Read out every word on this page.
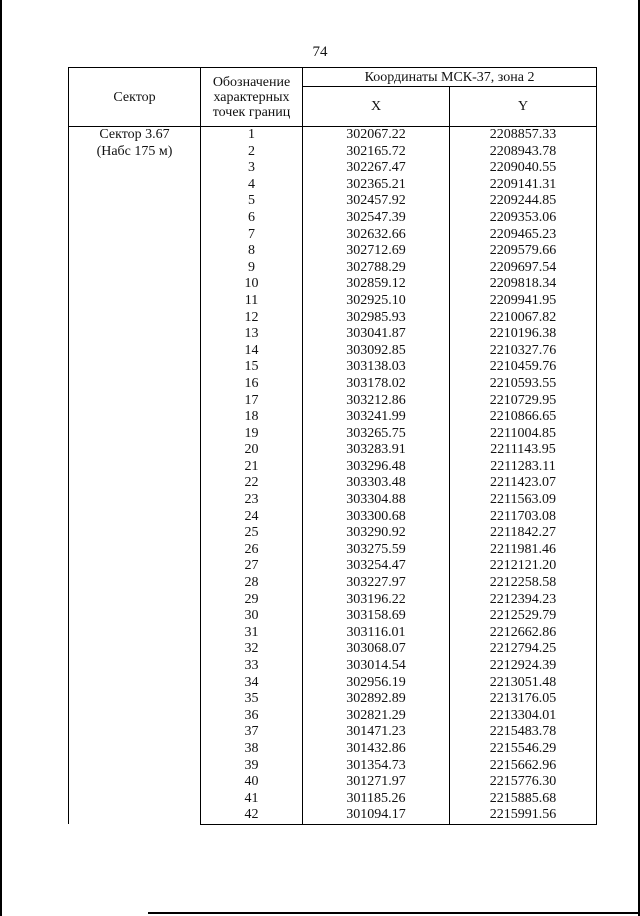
74
Сектор	Обозначение характерных точек границ	Координаты МСК-37, зона 2	
		X	Y

Сектор 3.67
(Набс 175 м)	1	302067.22	2208857.33
	2	302165.72	2208943.78
	3	302267.47	2209040.55
	4	302365.21	2209141.31
	5	302457.92	2209244.85
	6	302547.39	2209353.06
	7	302632.66	2209465.23
	8	302712.69	2209579.66
	9	302788.29	2209697.54
	10	302859.12	2209818.34
	11	302925.10	2209941.95
	12	302985.93	2210067.82
	13	303041.87	2210196.38
	14	303092.85	2210327.76
	15	303138.03	2210459.76
	16	303178.02	2210593.55
	17	303212.86	2210729.95
	18	303241.99	2210866.65
	19	303265.75	2211004.85
	20	303283.91	2211143.95
	21	303296.48	2211283.11
	22	303303.48	2211423.07
	23	303304.88	2211563.09
	24	303300.68	2211703.08
	25	303290.92	2211842.27
	26	303275.59	2211981.46
	27	303254.47	2212121.20
	28	303227.97	2212258.58
	29	303196.22	2212394.23
	30	303158.69	2212529.79
	31	303116.01	2212662.86
	32	303068.07	2212794.25
	33	303014.54	2212924.39
	34	302956.19	2213051.48
	35	302892.89	2213176.05
	36	302821.29	2213304.01
	37	301471.23	2215483.78
	38	301432.86	2215546.29
	39	301354.73	2215662.96
	40	301271.97	2215776.30
	41	301185.26	2215885.68
	42	301094.17	2215991.56
